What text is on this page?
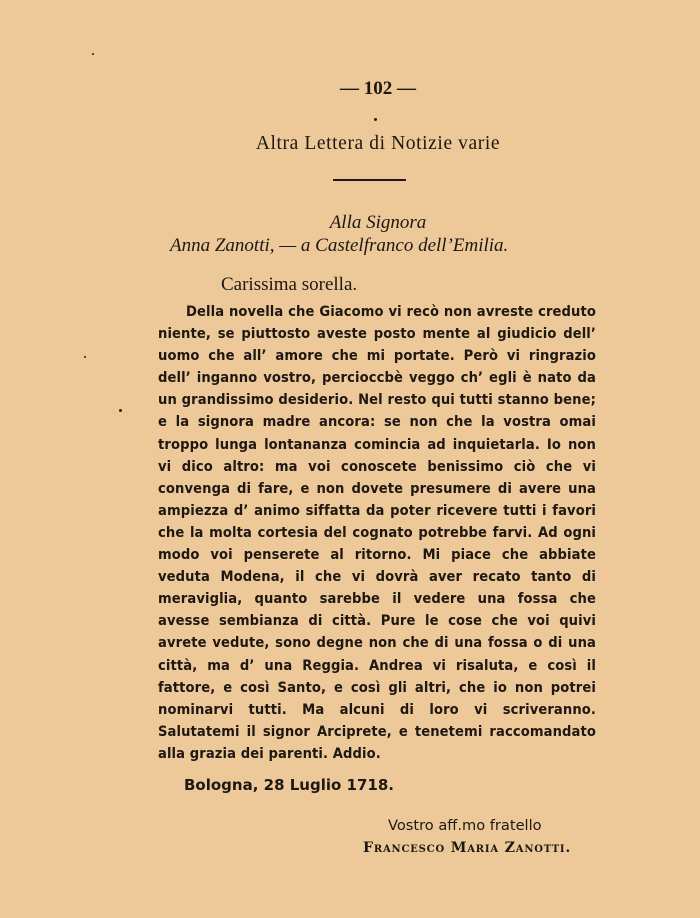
— 102 —
Altra Lettera di Notizie varie
Alla Signora
Anna Zanotti, — a Castelfranco dell’Emilia.
Carissima sorella.
Della novella che Giacomo vi recò non avreste creduto niente, se piuttosto aveste posto mente al giudicio dell’ uomo che all’ amore che mi portate. Però vi ringrazio dell’ inganno vostro, percioccbè veggo ch’ egli è nato da un grandissimo desiderio. Nel resto qui tutti stanno bene; e la signora madre ancora: se non che la vostra omai troppo lunga lontananza comincia ad inquietarla. Io non vi dico altro: ma voi conoscete benissimo ciò che vi convenga di fare, e non dovete presumere di avere una ampiezza d’ animo siffatta da poter ricevere tutti i favori che la molta cortesia del cognato potrebbe farvi. Ad ogni modo voi penserete al ritorno. Mi piace che abbiate veduta Modena, il che vi dovrà aver recato tanto di meraviglia, quanto sarebbe il vedere una fossa che avesse sembianza di città. Pure le cose che voi quivi avrete vedute, sono degne non che di una fossa o di una città, ma d’ una Reggia. Andrea vi risaluta, e così il fattore, e così Santo, e così gli altri, che io non potrei nominarvi tutti. Ma alcuni di loro vi scriveranno. Salutatemi il signor Arciprete, e tenetemi raccomandato alla grazia dei parenti. Addio.
Bologna, 28 Luglio 1718.
Vostro aff.mo fratello
Francesco Maria Zanotti.
